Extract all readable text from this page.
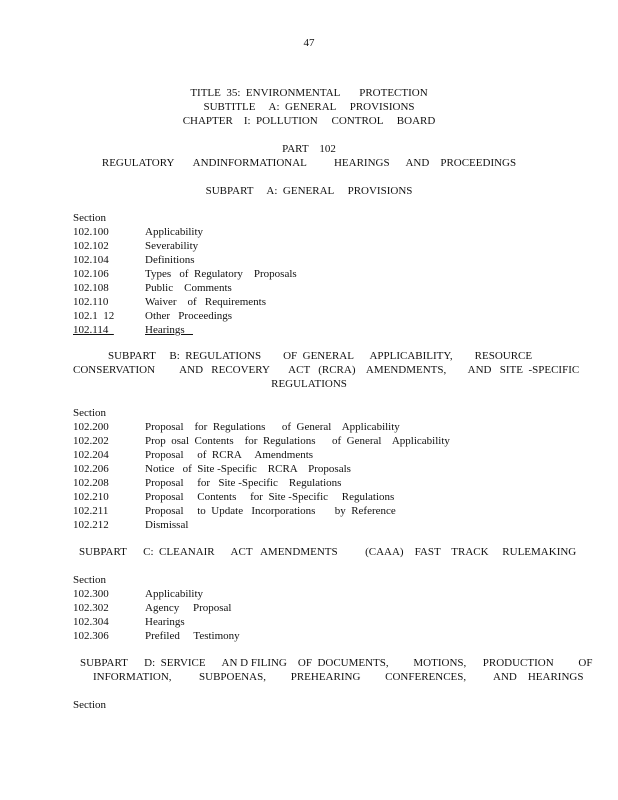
47
TITLE  35:  ENVIRONMENTAL       PROTECTION
SUBTITLE     A:  GENERAL     PROVISIONS
CHAPTER    I:  POLLUTION     CONTROL     BOARD
PART    102
REGULATORY       ANDINFORMATIONAL          HEARINGS      AND    PROCEEDINGS
SUBPART     A:  GENERAL     PROVISIONS
Section
102.100	Applicability
102.102	Severability
102.104	Definitions
102.106	Types   of  Regulatory    Proposals
102.108	Public    Comments
102.110	Waiver    of   Requirements
102.1  12	Other   Proceedings
102.114	Hearings
SUBPART     B:  REGULATIONS        OF  GENERAL      APPLICABILITY,        RESOURCE
CONSERVATION         AND   RECOVERY       ACT   (RCRA)    AMENDMENTS,        AND   SITE  -SPECIFIC
REGULATIONS
Section
102.200	Proposal    for  Regulations      of  General    Applicability
102.202	Prop  osal  Contents    for  Regulations      of  General    Applicability
102.204	Proposal     of  RCRA     Amendments
102.206	Notice   of  Site -Specific    RCRA    Proposals
102.208	Proposal     for   Site -Specific    Regulations
102.210	Proposal     Contents     for  Site -Specific     Regulations
102.211	Proposal     to  Update   Incorporations       by  Reference
102.212	Dismissal
SUBPART      C:  CLEANAIR      ACT   AMENDMENTS          (CAAA)    FAST    TRACK     RULEMAKING
Section
102.300	Applicability
102.302	Agency     Proposal
102.304	Hearings
102.306	Prefiled     Testimony
SUBPART      D:  SERVICE      AN D FILING    OF  DOCUMENTS,         MOTIONS,      PRODUCTION         OF
INFORMATION,          SUBPOENAS,         PREHEARING         CONFERENCES,          AND    HEARINGS
Section
